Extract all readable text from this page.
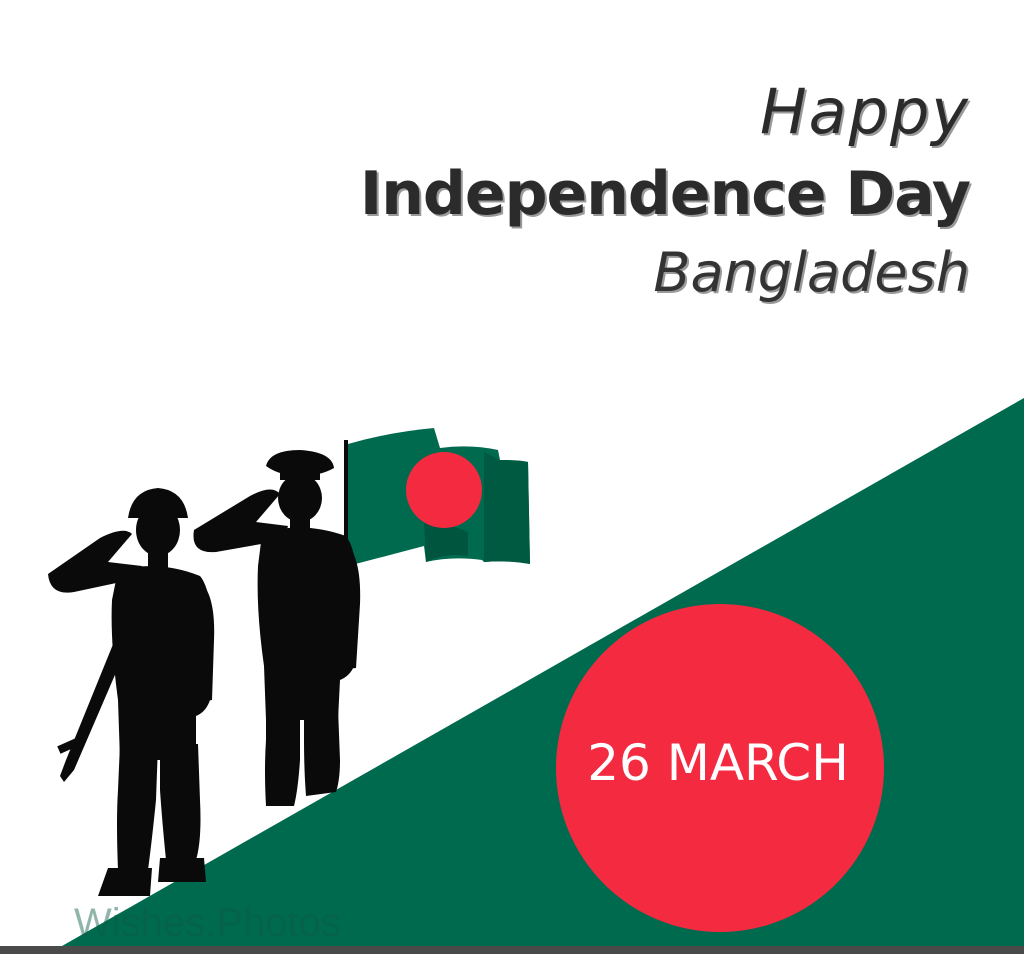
Happy
Independence Day
Bangladesh
26 MARCH
Wishes.Photos
